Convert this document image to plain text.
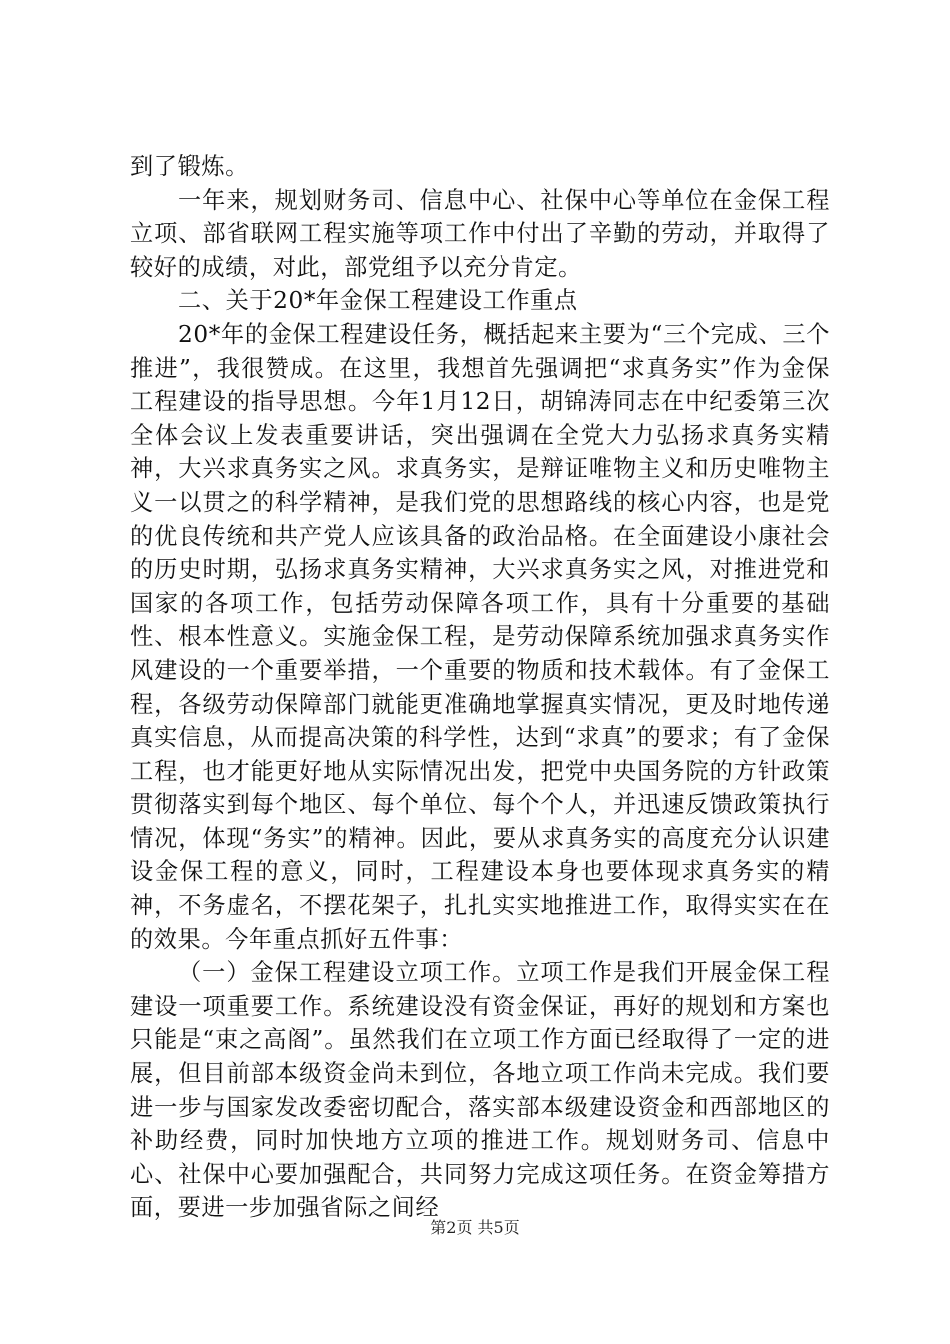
到了锻炼。

一年来，规划财务司、信息中心、社保中心等单位在金保工程立项、部省联网工程实施等项工作中付出了辛勤的劳动，并取得了较好的成绩，对此，部党组予以充分肯定。

二、关于20*年金保工程建设工作重点

20*年的金保工程建设任务，概括起来主要为“三个完成、三个推进”，我很赞成。在这里，我想首先强调把“求真务实”作为金保工程建设的指导思想。今年1月12日，胡锦涛同志在中纪委第三次全体会议上发表重要讲话，突出强调在全党大力弘扬求真务实精神，大兴求真务实之风。求真务实，是辩证唯物主义和历史唯物主义一以贯之的科学精神，是我们党的思想路线的核心内容，也是党的优良传统和共产党人应该具备的政治品格。在全面建设小康社会的历史时期，弘扬求真务实精神，大兴求真务实之风，对推进党和国家的各项工作，包括劳动保障各项工作，具有十分重要的基础性、根本性意义。实施金保工程，是劳动保障系统加强求真务实作风建设的一个重要举措，一个重要的物质和技术载体。有了金保工程，各级劳动保障部门就能更准确地掌握真实情况，更及时地传递真实信息，从而提高决策的科学性，达到“求真”的要求；有了金保工程，也才能更好地从实际情况出发，把党中央国务院的方针政策贯彻落实到每个地区、每个单位、每个个人，并迅速反馈政策执行情况，体现“务实”的精神。因此，要从求真务实的高度充分认识建设金保工程的意义，同时，工程建设本身也要体现求真务实的精神，不务虚名，不摆花架子，扎扎实实地推进工作，取得实实在在的效果。今年重点抓好五件事：

（一）金保工程建设立项工作。立项工作是我们开展金保工程建设一项重要工作。系统建设没有资金保证，再好的规划和方案也只能是“束之高阁”。虽然我们在立项工作方面已经取得了一定的进展，但目前部本级资金尚未到位，各地立项工作尚未完成。我们要进一步与国家发改委密切配合，落实部本级建设资金和西部地区的补助经费，同时加快地方立项的推进工作。规划财务司、信息中心、社保中心要加强配合，共同努力完成这项任务。在资金筹措方面，要进一步加强省际之间经

第2页 共5页
